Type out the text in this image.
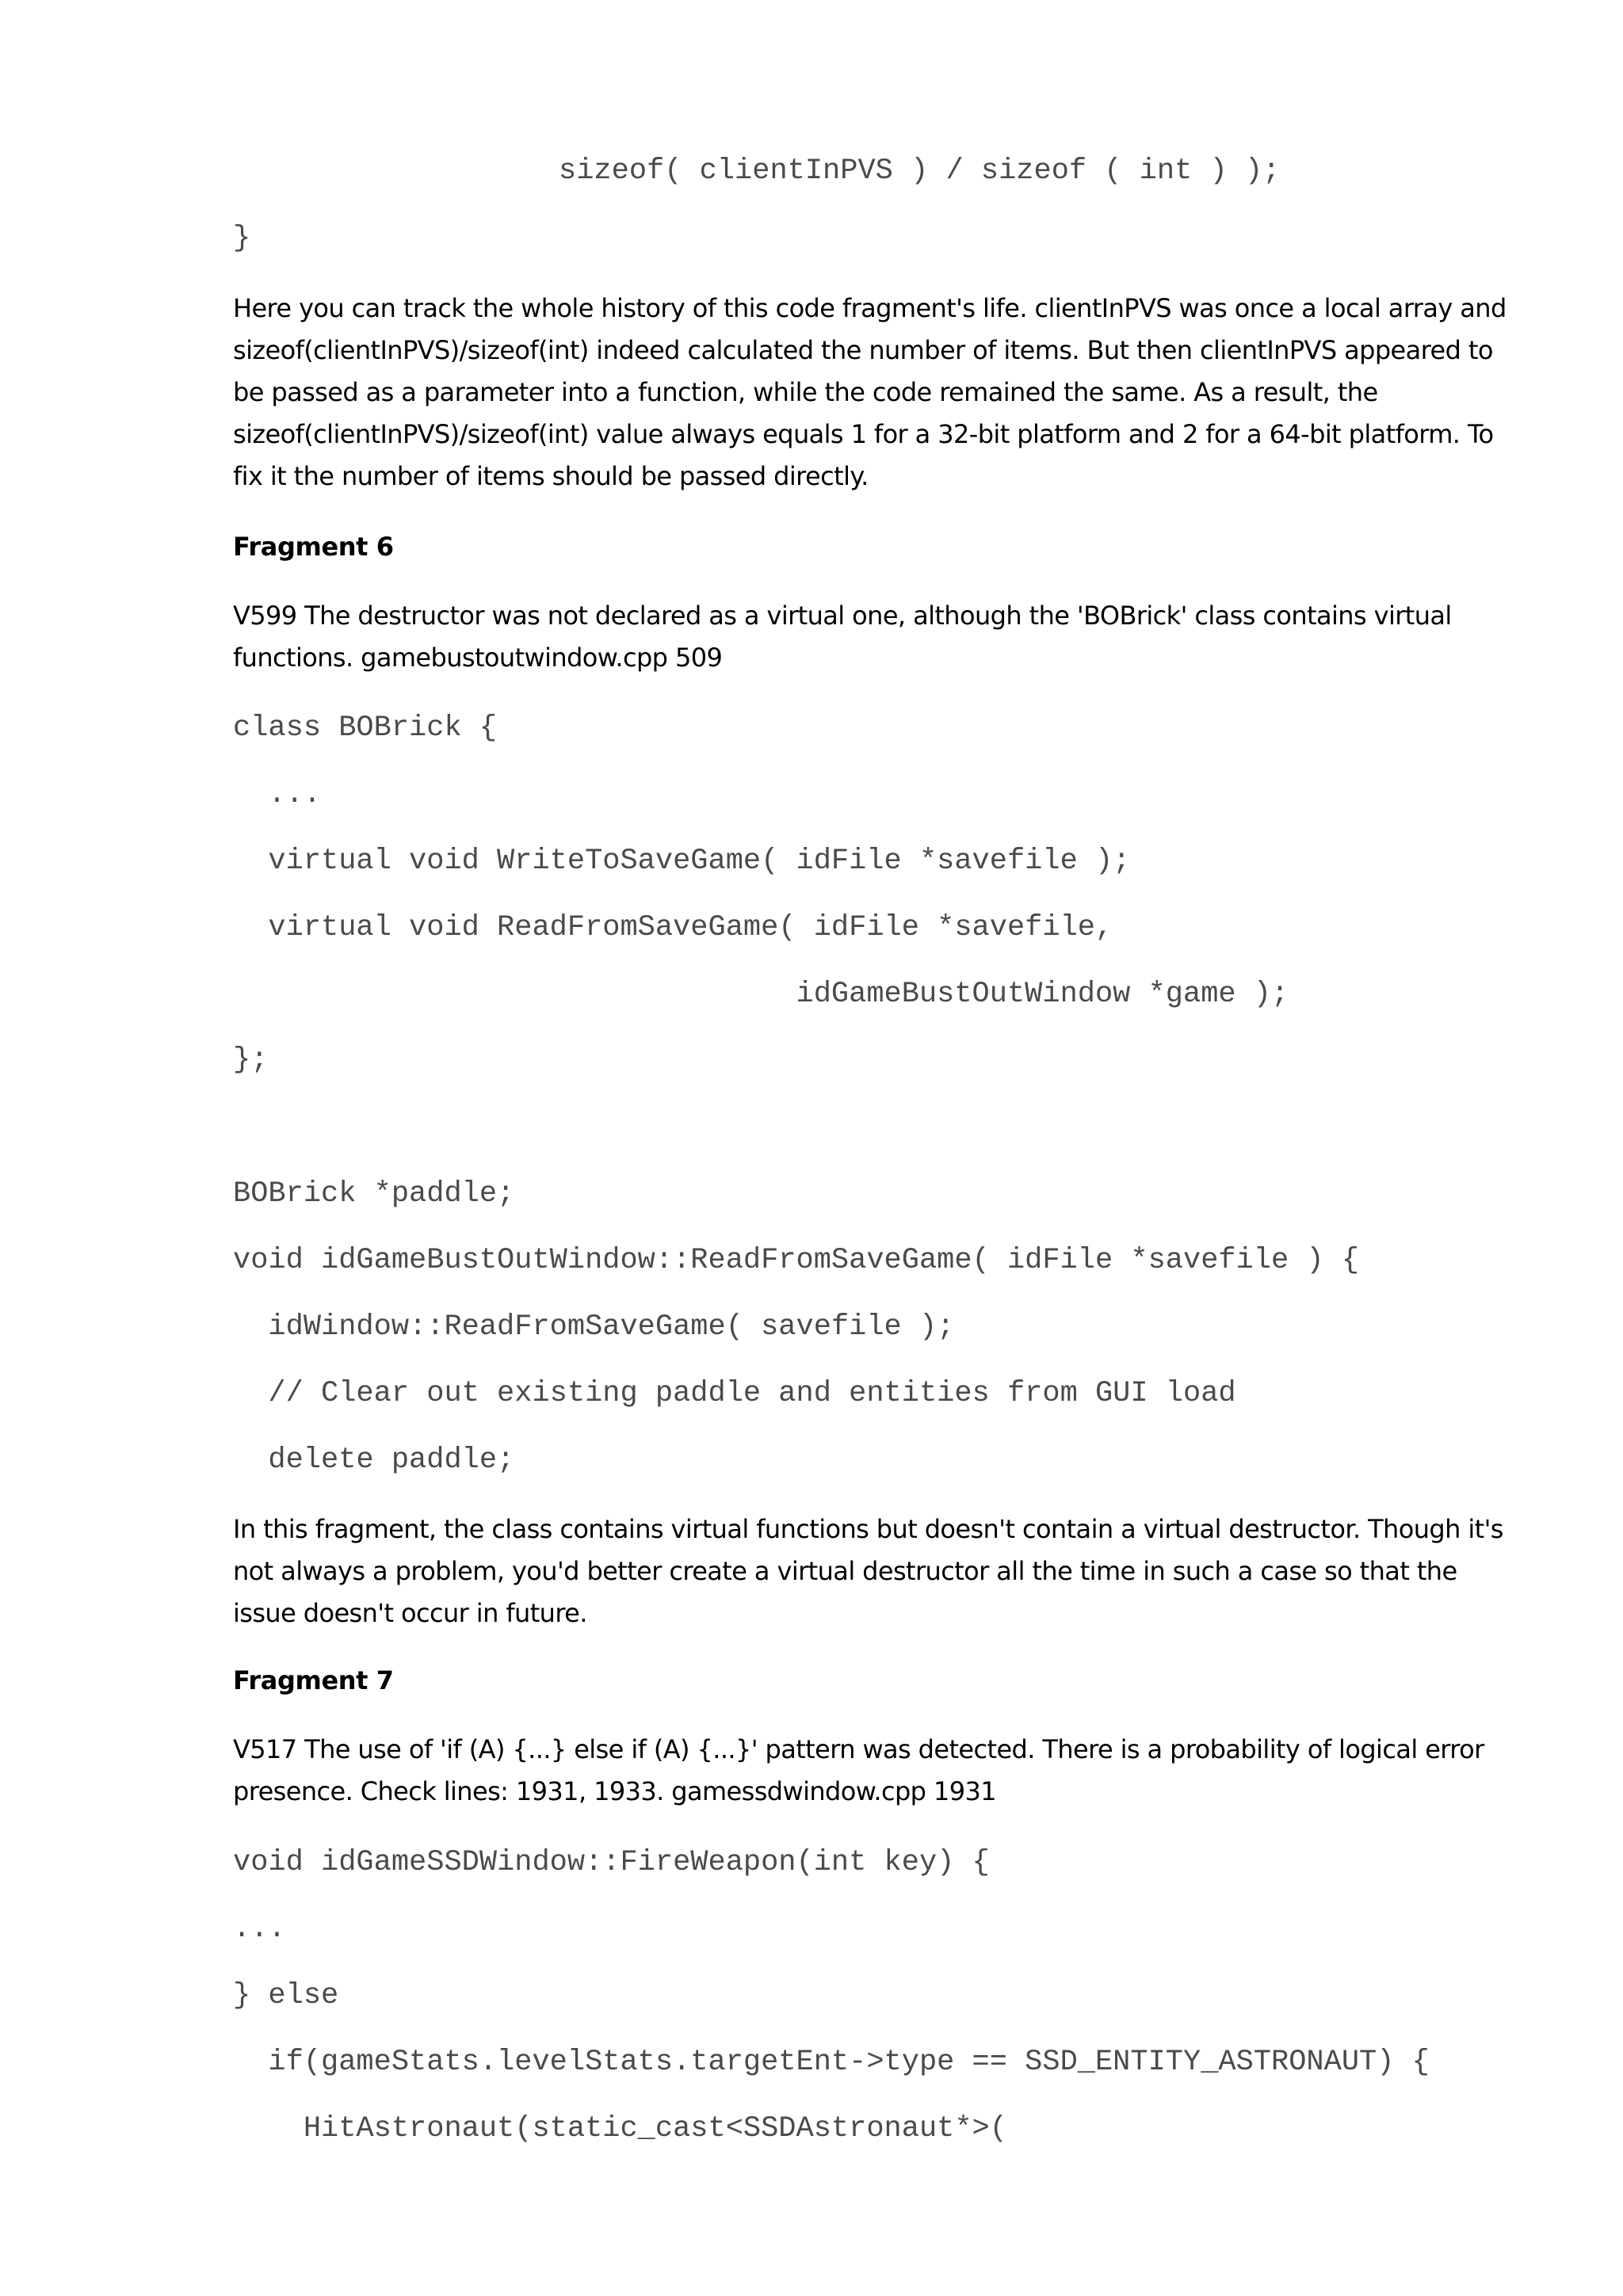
sizeof( clientInPVS ) / sizeof ( int ) );
}

Here you can track the whole history of this code fragment's life. clientInPVS was once a local array and sizeof(clientInPVS)/sizeof(int) indeed calculated the number of items. But then clientInPVS appeared to be passed as a parameter into a function, while the code remained the same. As a result, the sizeof(clientInPVS)/sizeof(int) value always equals 1 for a 32-bit platform and 2 for a 64-bit platform. To fix it the number of items should be passed directly.

Fragment 6

V599 The destructor was not declared as a virtual one, although the 'BOBrick' class contains virtual functions. gamebustoutwindow.cpp 509

class BOBrick {
...
virtual void WriteToSaveGame( idFile *savefile );
virtual void ReadFromSaveGame( idFile *savefile,
idGameBustOutWindow *game );
};
BOBrick *paddle;
void idGameBustOutWindow::ReadFromSaveGame( idFile *savefile ) {
idWindow::ReadFromSaveGame( savefile );
// Clear out existing paddle and entities from GUI load
delete paddle;

In this fragment, the class contains virtual functions but doesn't contain a virtual destructor. Though it's not always a problem, you'd better create a virtual destructor all the time in such a case so that the issue doesn't occur in future.

Fragment 7

V517 The use of 'if (A) {...} else if (A) {...}' pattern was detected. There is a probability of logical error presence. Check lines: 1931, 1933. gamessdwindow.cpp 1931

void idGameSSDWindow::FireWeapon(int key) {
...
} else
if(gameStats.levelStats.targetEnt->type == SSD_ENTITY_ASTRONAUT) {
HitAstronaut(static_cast<SSDAstronaut*>(
